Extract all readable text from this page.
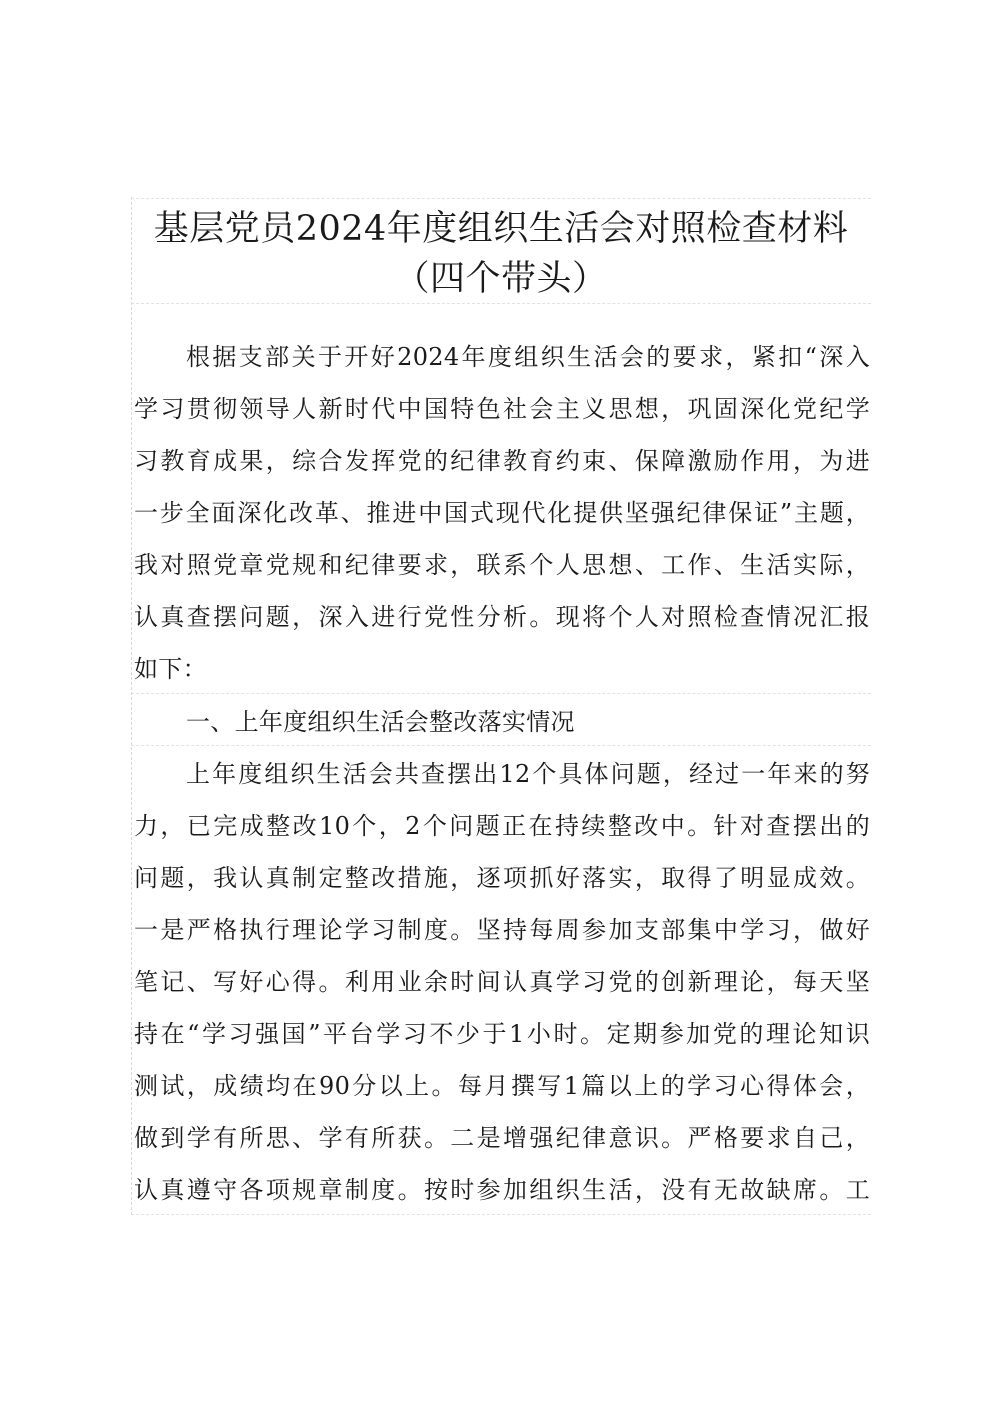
基层党员2024年度组织生活会对照检查材料
（四个带头）
根据支部关于开好2024年度组织生活会的要求，紧扣“深入
学习贯彻领导人新时代中国特色社会主义思想，巩固深化党纪学
习教育成果，综合发挥党的纪律教育约束、保障激励作用，为进
一步全面深化改革、推进中国式现代化提供坚强纪律保证”主题，
我对照党章党规和纪律要求，联系个人思想、工作、生活实际，
认真查摆问题，深入进行党性分析。现将个人对照检查情况汇报
如下：
一、上年度组织生活会整改落实情况
上年度组织生活会共查摆出12个具体问题，经过一年来的努
力，已完成整改10个，2个问题正在持续整改中。针对查摆出的
问题，我认真制定整改措施，逐项抓好落实，取得了明显成效。
一是严格执行理论学习制度。坚持每周参加支部集中学习，做好
笔记、写好心得。利用业余时间认真学习党的创新理论，每天坚
持在“学习强国”平台学习不少于1小时。定期参加党的理论知识
测试，成绩均在90分以上。每月撰写1篇以上的学习心得体会，
做到学有所思、学有所获。二是增强纪律意识。严格要求自己，
认真遵守各项规章制度。按时参加组织生活，没有无故缺席。工
